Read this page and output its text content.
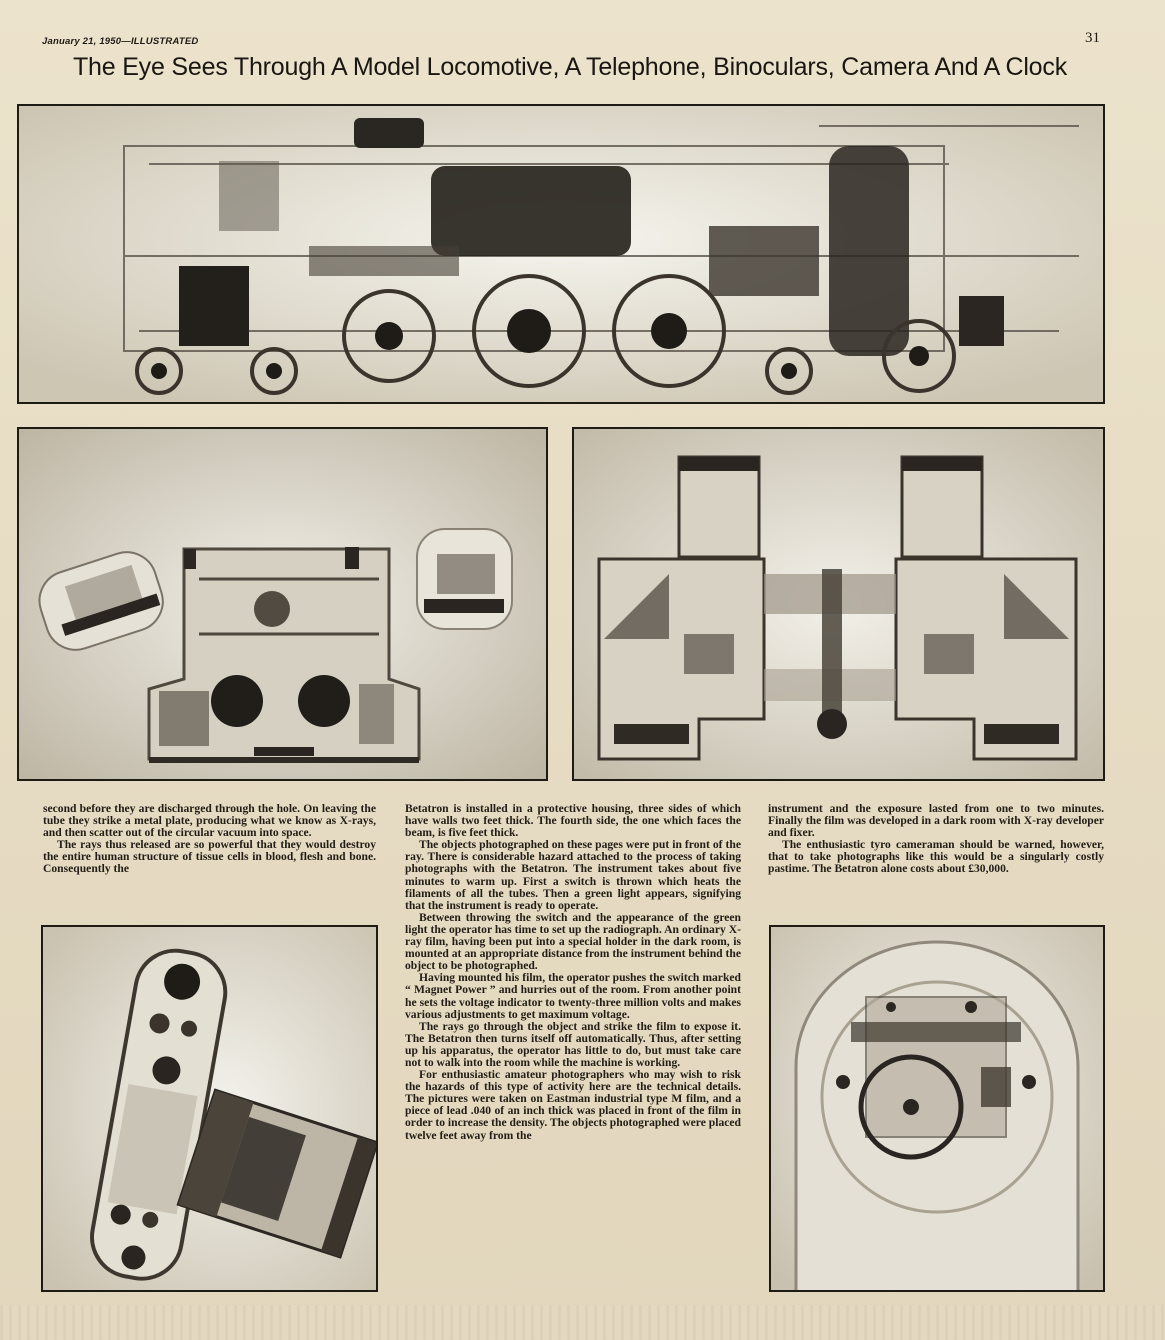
January 21, 1950—ILLUSTRATED	31
The Eye Sees Through A Model Locomotive, A Telephone, Binoculars, Camera And A Clock

second before they are discharged through the hole. On leaving the tube they strike a metal plate, producing what we know as X-rays, and then scatter out of the circular vacuum into space.

The rays thus released are so powerful that they would destroy the entire human structure of tissue cells in blood, flesh and bone. Consequently the

Betatron is installed in a protective housing, three sides of which have walls two feet thick. The fourth side, the one which faces the beam, is five feet thick.

The objects photographed on these pages were put in front of the ray. There is considerable hazard attached to the process of taking photographs with the Betatron. The instrument takes about five minutes to warm up. First a switch is thrown which heats the filaments of all the tubes. Then a green light appears, signifying that the instrument is ready to operate.

Between throwing the switch and the appearance of the green light the operator has time to set up the radiograph. An ordinary X-ray film, having been put into a special holder in the dark room, is mounted at an appropriate distance from the instrument behind the object to be photographed.

Having mounted his film, the operator pushes the switch marked “ Magnet Power ” and hurries out of the room. From another point he sets the voltage indicator to twenty-three million volts and makes various adjustments to get maximum voltage.

The rays go through the object and strike the film to expose it. The Betatron then turns itself off automatically. Thus, after setting up his apparatus, the operator has little to do, but must take care not to walk into the room while the machine is working.

For enthusiastic amateur photographers who may wish to risk the hazards of this type of activity here are the technical details. The pictures were taken on Eastman industrial type M film, and a piece of lead .040 of an inch thick was placed in front of the film in order to increase the density. The objects photographed were placed twelve feet away from the

instrument and the exposure lasted from one to two minutes. Finally the film was developed in a dark room with X-ray developer and fixer.

The enthusiastic tyro cameraman should be warned, however, that to take photographs like this would be a singularly costly pastime. The Betatron alone costs about £30,000.
